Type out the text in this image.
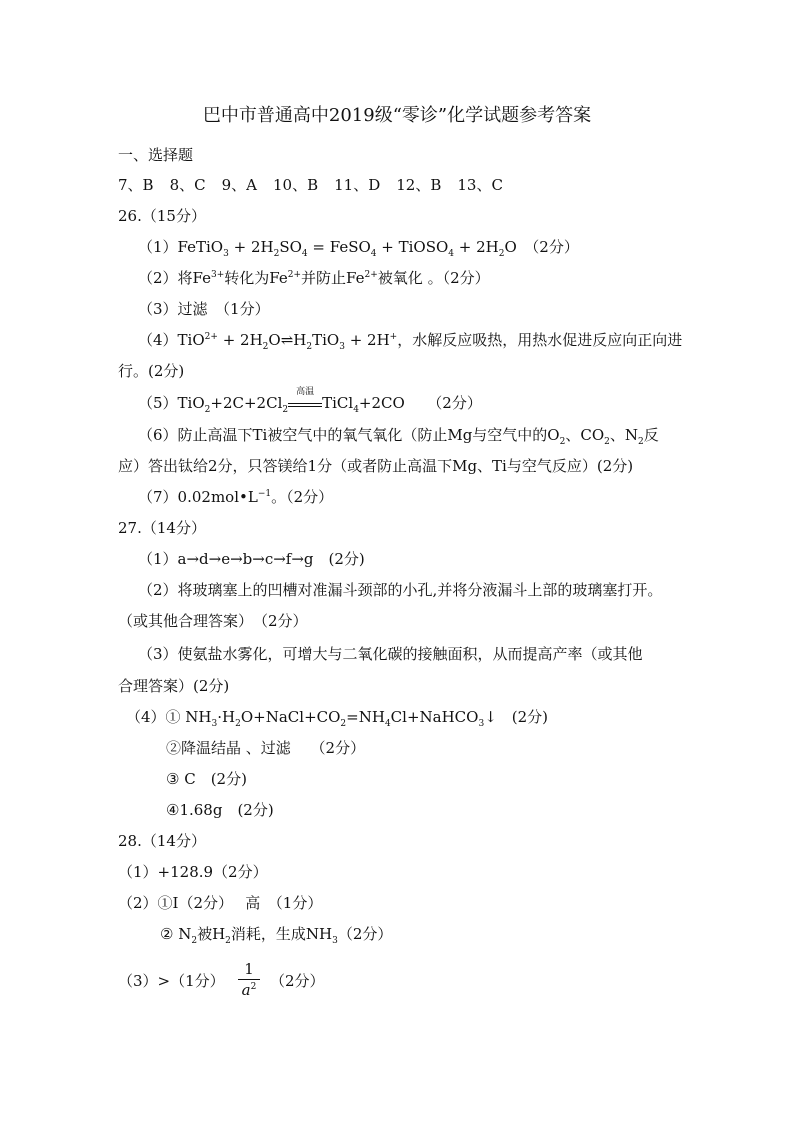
巴中市普通高中2019级“零诊”化学试题参考答案
一、选择题
7、B 8、C 9、A 10、B 11、D 12、B 13、C
26.（15分）
（1）FeTiO$_3$ + $2H_2SO_4$ = FeSO$_4$ + TiOSO$_4$ + $2H_2O$　（2分）
（2）将$Fe^{3+}$转化为$Fe^{2+}$并防止$Fe^{2+}$被氧化 。（2分）
（3）过滤　（1分）
$(4)TiO^{2+} + 2H_2O\rightleftharpoons H_2TiO_3 + 2H^+$，水解反应吸热，用热水促进反应向正向进
行。(2分)
$(5)TiO_2+2C+2Cl_2$
高温
TiCl$_4$+2CO　　（2分）
（6）防止高温下Ti被空气中的氧气氧化（防止Mg与空气中的$O_2$、$CO_2$、$N_2$反
应）答出钛给2分，只答镁给1分（或者防止高温下Mg、Ti与空气反应）(2分)
$(7)0.02mol•L^{-1}$。（2分）
27.（14分）
（1）a→d→e→b→c→f→g　(2分)
（2）将玻璃塞上的凹槽对准漏斗颈部的小孔,并将分液漏斗上部的玻璃塞打开。
（或其他合理答案）　（2分）
（3）使氨盐水雾化，可增大与二氧化碳的接触面积，从而提高产率（或其他
合理答案）(2分)
（4）① $NH_3\cdot H_2O+NaCl+CO_2=NH_4Cl+NaHCO_3↓$　(2分)
②降温结晶 、过滤　 （2分）
③ C　(2分)
④1.68g　(2分)
28.（14分）
（1）+128.9（2分）
（2）①Ⅰ（2分）　 高　（1分）
② $N_2$被$H_2$消耗，生成$NH_3(2$分）
（3）>（1分）
1
$a^2$ （2分）
